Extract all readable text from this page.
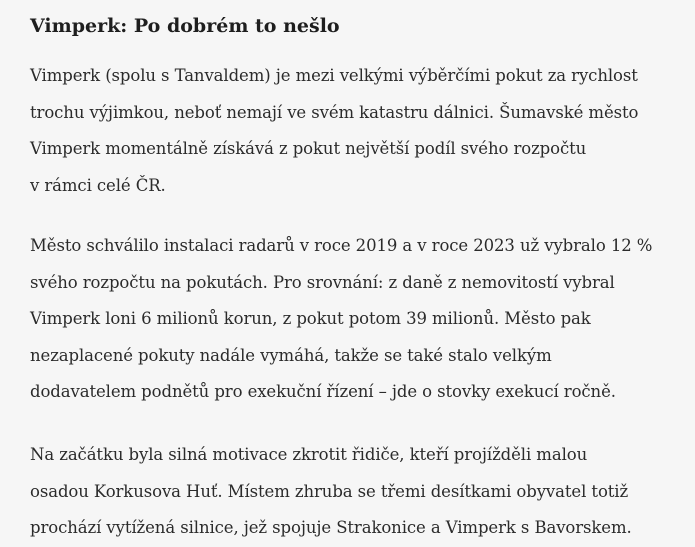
Vimperk: Po dobrém to nešlo

Vimperk (spolu s Tanvaldem) je mezi velkými výběrčími pokut za rychlost
trochu výjimkou, neboť nemají ve svém katastru dálnici. Šumavské město
Vimperk momentálně získává z pokut největší podíl svého rozpočtu
v rámci celé ČR.

Město schválilo instalaci radarů v roce 2019 a v roce 2023 už vybralo 12 %
svého rozpočtu na pokutách. Pro srovnání: z daně z nemovitostí vybral
Vimperk loni 6 milionů korun, z pokut potom 39 milionů. Město pak
nezaplacené pokuty nadále vymáhá, takže se také stalo velkým
dodavatelem podnětů pro exekuční řízení – jde o stovky exekucí ročně.

Na začátku byla silná motivace zkrotit řidiče, kteří projížděli malou
osadou Korkusova Huť. Místem zhruba se třemi desítkami obyvatel totiž
prochází vytížená silnice, jež spojuje Strakonice a Vimperk s Bavorskem.
